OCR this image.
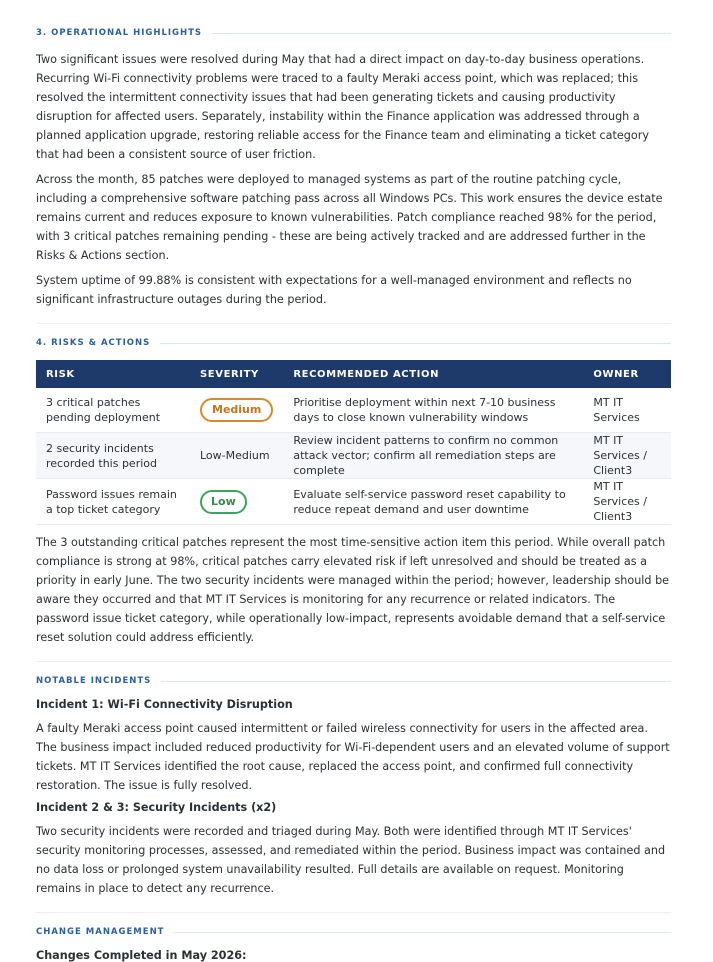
3. OPERATIONAL HIGHLIGHTS

Two significant issues were resolved during May that had a direct impact on day-to-day business operations. Recurring Wi-Fi connectivity problems were traced to a faulty Meraki access point, which was replaced; this resolved the intermittent connectivity issues that had been generating tickets and causing productivity disruption for affected users. Separately, instability within the Finance application was addressed through a planned application upgrade, restoring reliable access for the Finance team and eliminating a ticket category that had been a consistent source of user friction.

Across the month, 85 patches were deployed to managed systems as part of the routine patching cycle, including a comprehensive software patching pass across all Windows PCs. This work ensures the device estate remains current and reduces exposure to known vulnerabilities. Patch compliance reached 98% for the period, with 3 critical patches remaining pending - these are being actively tracked and are addressed further in the Risks & Actions section.

System uptime of 99.88% is consistent with expectations for a well-managed environment and reflects no significant infrastructure outages during the period.

4. RISKS & ACTIONS
RISK	SEVERITY	RECOMMENDED ACTION	OWNER
3 critical patches pending deployment	Medium	Prioritise deployment within next 7-10 business days to close known vulnerability windows	MT IT Services
2 security incidents recorded this period	Low-Medium	Review incident patterns to confirm no common attack vector; confirm all remediation steps are complete	MT IT Services / Client3
Password issues remain a top ticket category	Low	Evaluate self-service password reset capability to reduce repeat demand and user downtime	MT IT Services / Client3

The 3 outstanding critical patches represent the most time-sensitive action item this period. While overall patch compliance is strong at 98%, critical patches carry elevated risk if left unresolved and should be treated as a priority in early June. The two security incidents were managed within the period; however, leadership should be aware they occurred and that MT IT Services is monitoring for any recurrence or related indicators. The password issue ticket category, while operationally low-impact, represents avoidable demand that a self-service reset solution could address efficiently.

NOTABLE INCIDENTS
Incident 1: Wi-Fi Connectivity Disruption

A faulty Meraki access point caused intermittent or failed wireless connectivity for users in the affected area. The business impact included reduced productivity for Wi-Fi-dependent users and an elevated volume of support tickets. MT IT Services identified the root cause, replaced the access point, and confirmed full connectivity restoration. The issue is fully resolved.

Incident 2 & 3: Security Incidents (x2)

Two security incidents were recorded and triaged during May. Both were identified through MT IT Services' security monitoring processes, assessed, and remediated within the period. Business impact was contained and no data loss or prolonged system unavailability resulted. Full details are available on request. Monitoring remains in place to detect any recurrence.

CHANGE MANAGEMENT
Changes Completed in May 2026:
